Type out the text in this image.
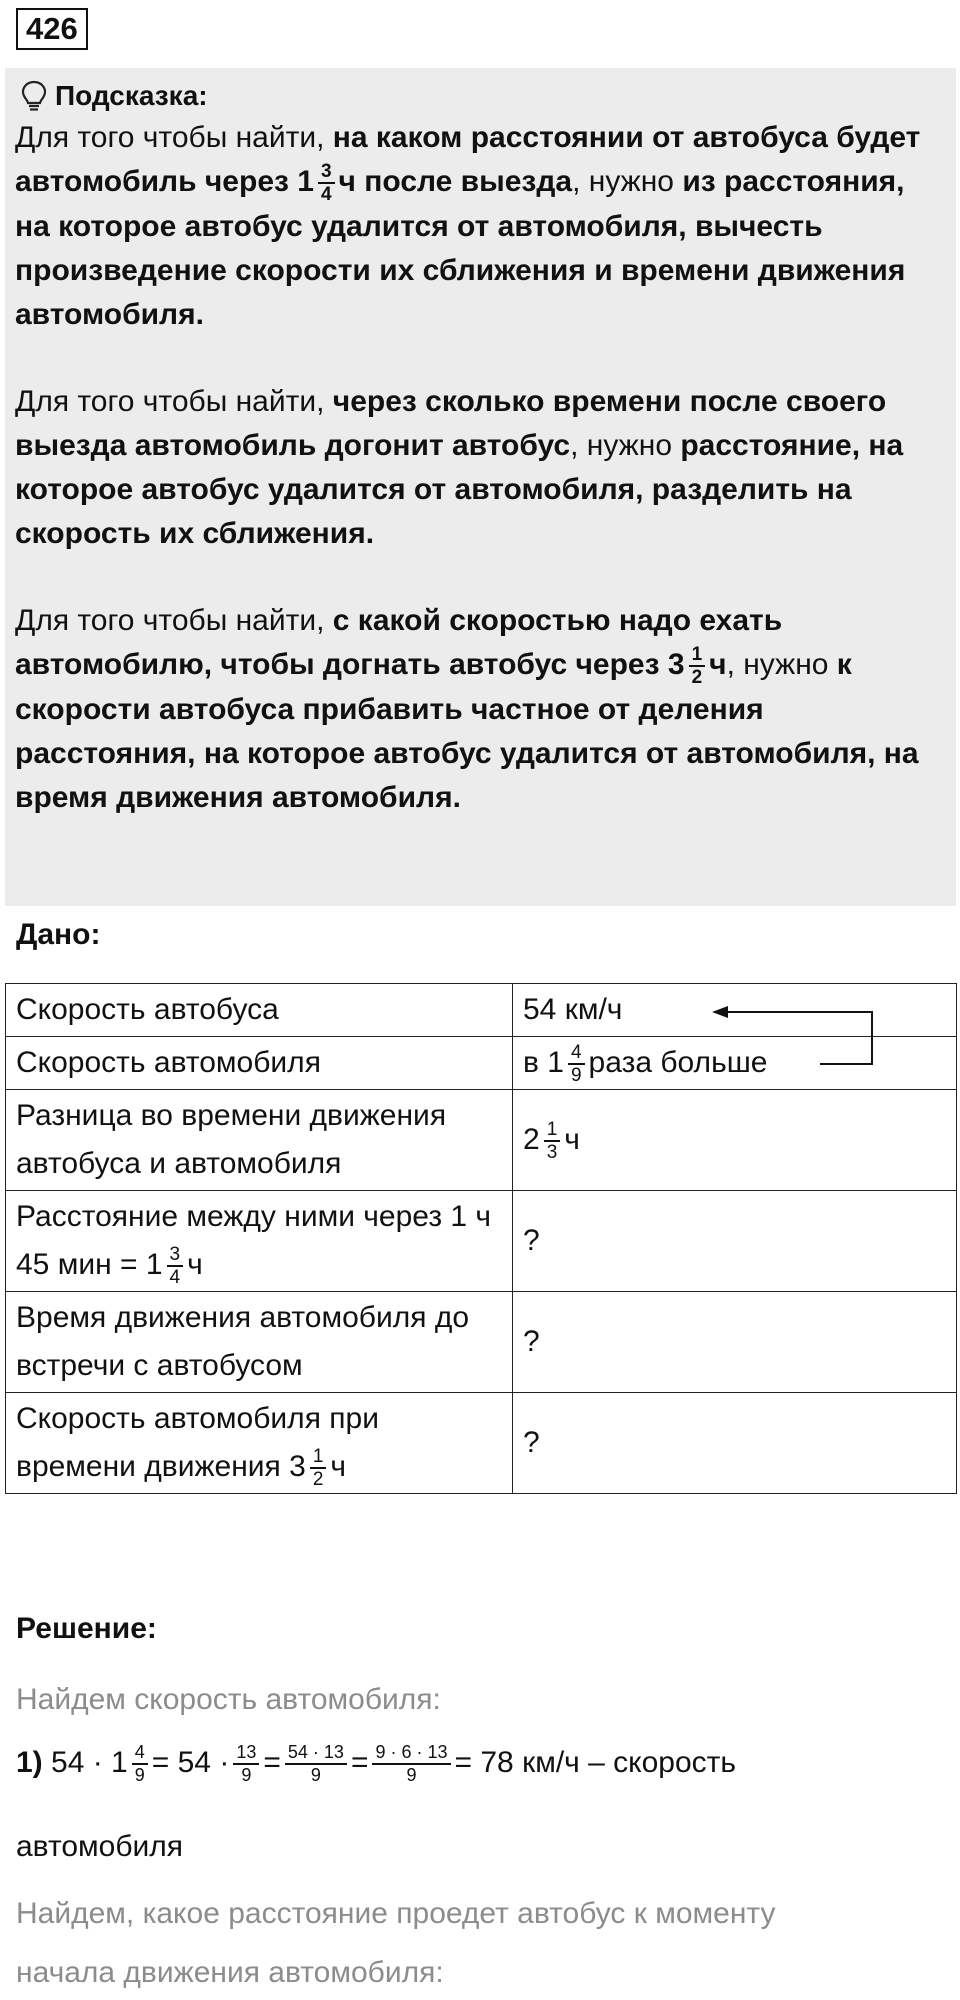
426
Подсказка:

Для того чтобы найти, на каком расстоянии от автобуса будет автомобиль через $1 \frac{3}{4}$ ч после выезда, нужно из расстояния, на которое автобус удалится от автомобиля, вычесть произведение скорости их сближения и времени движения автомобиля.

Для того чтобы найти, через сколько времени после своего выезда автомобиль догонит автобус, нужно расстояние, на которое автобус удалится от автомобиля, разделить на скорость их сближения.

Для того чтобы найти, с какой скоростью надо ехать автомобилю, чтобы догнать автобус через $3 \frac{1}{2} ч$, нужно к скорости автобуса прибавить частное от деления расстояния, на которое автобус удалится от автомобиля, на время движения автомобиля.

Дано:
Скорость автобуса	54 км/ч
Скорость автомобиля	в $1 \frac{4}{9}$ раза больше
Разница во времени движения автобуса и автомобиля	$2 \frac{1}{3}$ ч
Расстояние между ними через 1 ч 45 мин = $1 \frac{3}{4}$ ч	?
Время движения автомобиля до встречи с автобусом	?
Скорость автомобиля при времени движения $3 \frac{1}{2}$ ч	?
Решение:
Найдем скорость автомобиля:
1) $54 \cdot 1 \frac{4}{9} = 54 \cdot \frac{13}{9} = \frac{54 \cdot 13}{9} = \frac{9 \cdot 6 \cdot 13}{9} = 78$ км/ч – скорость
автомобиля
Найдем, какое расстояние проедет автобус к моменту
начала движения автомобиля:
